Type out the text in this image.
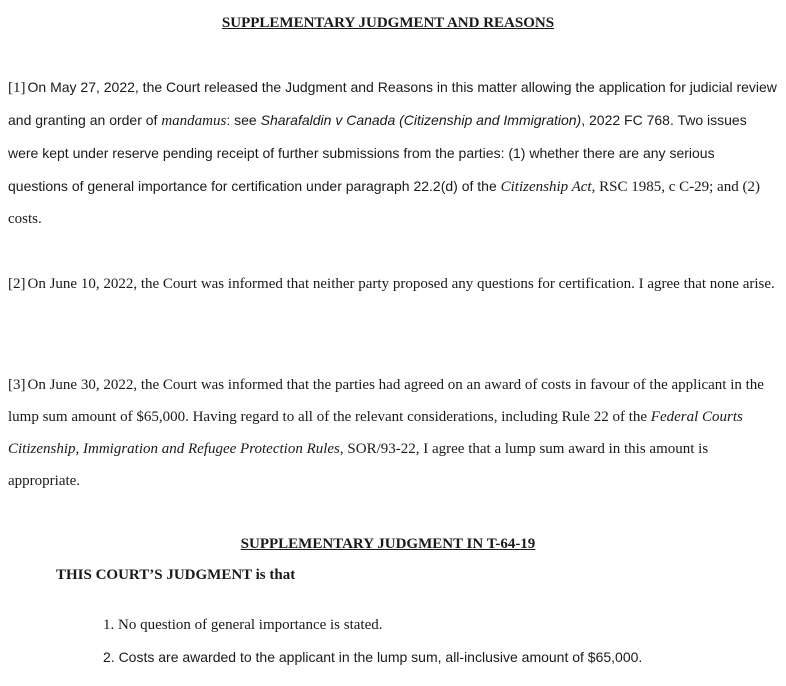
SUPPLEMENTARY JUDGMENT AND REASONS

[1] On May 27, 2022, the Court released the Judgment and Reasons in this matter allowing the application for judicial review and granting an order of mandamus: see Sharafaldin v Canada (Citizenship and Immigration), 2022 FC 768. Two issues were kept under reserve pending receipt of further submissions from the parties: (1) whether there are any serious questions of general importance for certification under paragraph 22.2(d) of the Citizenship Act, RSC 1985, c C-29; and (2) costs.

[2] On June 10, 2022, the Court was informed that neither party proposed any questions for certification. I agree that none arise.

[3] On June 30, 2022, the Court was informed that the parties had agreed on an award of costs in favour of the applicant in the lump sum amount of $65,000. Having regard to all of the relevant considerations, including Rule 22 of the Federal Courts Citizenship, Immigration and Refugee Protection Rules, SOR/93-22, I agree that a lump sum award in this amount is appropriate.

SUPPLEMENTARY JUDGMENT IN T-64-19

THIS COURT’S JUDGMENT is that

1. No question of general importance is stated.
2. Costs are awarded to the applicant in the lump sum, all-inclusive amount of $65,000.
